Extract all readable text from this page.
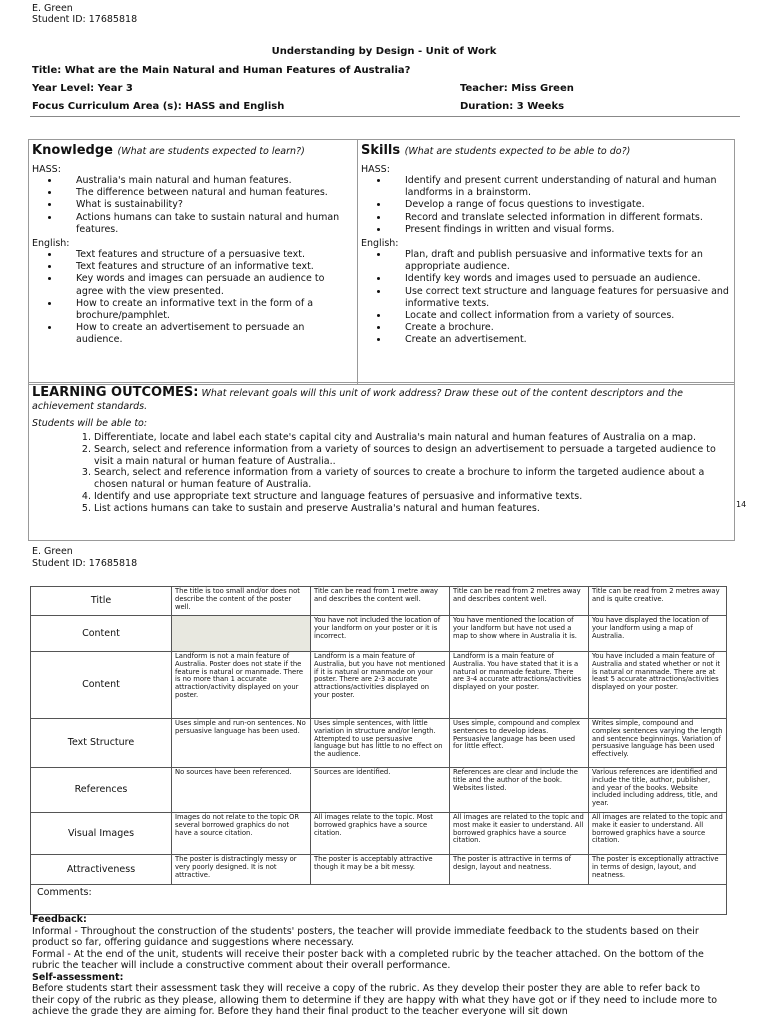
E. Green
Student ID: 17685818
Understanding by Design - Unit of Work
Title: What are the Main Natural and Human Features of Australia?
Year Level: Year 3	Teacher: Miss Green
Focus Curriculum Area (s): HASS and English	Duration: 3 Weeks
Knowledge (What are students expected to learn?)
HASS:
• Australia's main natural and human features.
• The difference between natural and human features.
• What is sustainability?
• Actions humans can take to sustain natural and human features.
English:
• Text features and structure of a persuasive text.
• Text features and structure of an informative text.
• Key words and images can persuade an audience to agree with the view presented.
• How to create an informative text in the form of a brochure/pamphlet.
• How to create an advertisement to persuade an audience.
Skills (What are students expected to be able to do?)
HASS:
• Identify and present current understanding of natural and human landforms in a brainstorm.
• Develop a range of focus questions to investigate.
• Record and translate selected information in different formats.
• Present findings in written and visual forms.
English:
• Plan, draft and publish persuasive and informative texts for an appropriate audience.
• Identify key words and images used to persuade an audience.
• Use correct text structure and language features for persuasive and informative texts.
• Locate and collect information from a variety of sources.
• Create a brochure.
• Create an advertisement.
LEARNING OUTCOMES: What relevant goals will this unit of work address? Draw these out of the content descriptors and the achievement standards.
Students will be able to:
1. Differentiate, locate and label each state's capital city and Australia's main natural and human features of Australia on a map.
2. Search, select and reference information from a variety of sources to design an advertisement to persuade a targeted audience to visit a main natural or human feature of Australia..
3. Search, select and reference information from a variety of sources to create a brochure to inform the targeted audience about a chosen natural or human feature of Australia.
4. Identify and use appropriate text structure and language features of persuasive and informative texts.
5. List actions humans can take to sustain and preserve Australia's natural and human features.	14
E. Green
Student ID: 17685818
Title	The title is too small and/or does not describe the content of the poster well.	Title can be read from 1 metre away and describes the content well.	Title can be read from 2 metres away and describes content well.	Title can be read from 2 metres away and is quite creative.
Content		You have not included the location of your landform on your poster or it is incorrect.	You have mentioned the location of your landform but have not used a map to show where in Australia it is.	You have displayed the location of your landform using a map of Australia.
Content	Landform is not a main feature of Australia. Poster does not state if the feature is natural or manmade. There is no more than 1 accurate attraction/activity displayed on your poster.	Landform is a main feature of Australia, but you have not mentioned if it is natural or manmade on your poster. There are 2-3 accurate attractions/activities displayed on your poster.	Landform is a main feature of Australia. You have stated that it is a natural or manmade feature. There are 3-4 accurate attractions/activities displayed on your poster.	You have included a main feature of Australia and stated whether or not it is natural or manmade. There are at least 5 accurate attractions/activities displayed on your poster.
Text Structure	Uses simple and run-on sentences. No persuasive language has been used.	Uses simple sentences, with little variation in structure and/or length. Attempted to use persuasive language but has little to no effect on the audience.	Uses simple, compound and complex sentences to develop ideas. Persuasive language has been used for little effect.	Writes simple, compound and complex sentences varying the length and sentence beginnings. Variation of persuasive language has been used effectively.
References	No sources have been referenced.	Sources are identified.	References are clear and include the title and the author of the book. Websites listed.	Various references are identified and include the title, author, publisher, and year of the books. Website included including address, title, and year.
Visual Images	Images do not relate to the topic OR several borrowed graphics do not have a source citation.	All images relate to the topic. Most borrowed graphics have a source citation.	All images are related to the topic and most make it easier to understand. All borrowed graphics have a source citation.	All images are related to the topic and make it easier to understand. All borrowed graphics have a source citation.
Attractiveness	The poster is distractingly messy or very poorly designed. It is not attractive.	The poster is acceptably attractive though it may be a bit messy.	The poster is attractive in terms of design, layout and neatness.	The poster is exceptionally attractive in terms of design, layout, and neatness.
Comments:				
Feedback:
Informal - Throughout the construction of the students' posters, the teacher will provide immediate feedback to the students based on their product so far, offering guidance and suggestions where necessary.
Formal - At the end of the unit, students will receive their poster back with a completed rubric by the teacher attached. On the bottom of the rubric the teacher will include a constructive comment about their overall performance.
Self-assessment:
Before students start their assessment task they will receive a copy of the rubric. As they develop their poster they are able to refer back to their copy of the rubric as they please, allowing them to determine if they are happy with what they have got or if they need to include more to achieve the grade they are aiming for. Before they hand their final product to the teacher everyone will sit down
